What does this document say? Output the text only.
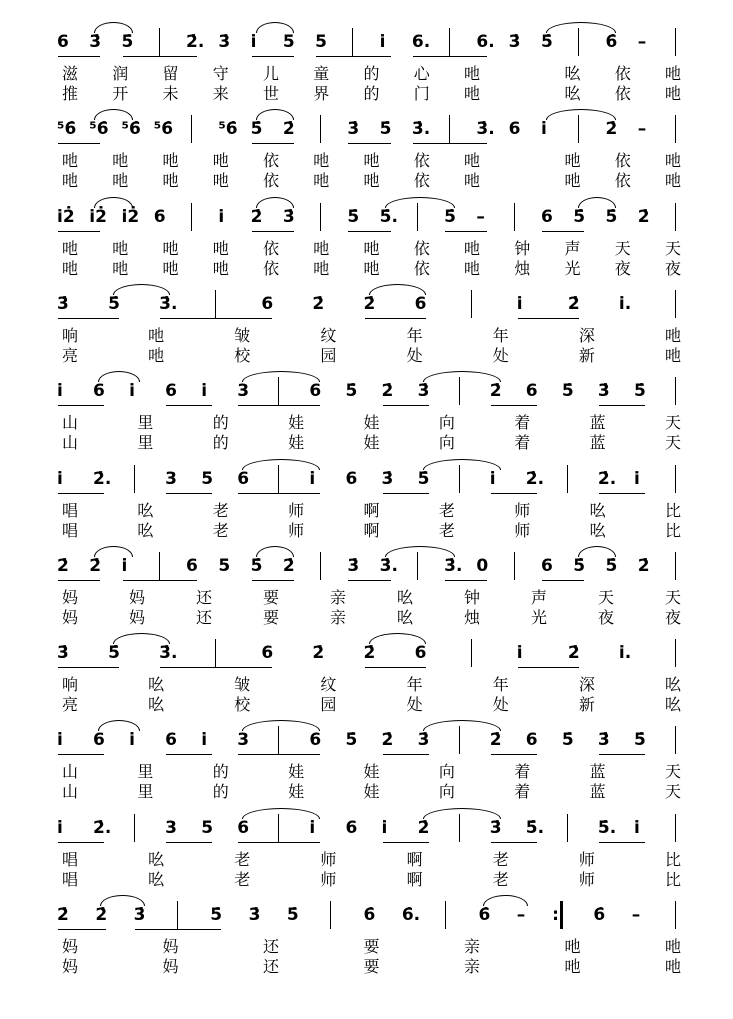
6 3̇ 5̇	2̇. 3̇ i̇ 5 5	i̇ 6.	6. 3̇ 5̇	6̇ –
滋 润 留 守 儿 童 的 心 吔	吆 依 吔
推 开 未 来 世 界 的 门 吔	吆 依 吔
⁵6̇ ⁵6̇ ⁵6̇ ⁵6̇	⁵6̇ 5̇ 2̇	3̇ 5̇ 3̇.	3̇. 6 i̇	2̇ –
吔 吔 吔 吔 依 吔 吔 依 吔	吔 依 吔
吔 吔 吔 吔 依 吔 吔 依 吔	吔 依 吔
i̇2̇ i̇2̇ i̇2̇ 6	i̇ 2̇ 3̇	5̇ 5̇.	5̇ –	6 5̇ 5̇ 2̇
吔 吔 吔 吔 依 吔 吔 依 吔 钟 声 天 天
吔 吔 吔 吔 依 吔 吔 依 吔 烛 光 夜 夜
3̇ 5̇ 3̇.	6 2̇ 2̇ 6	i̇	2̇ i̇.
响	吔	皱	纹	年	年	深	吔
亮	吔	校	园	处	处	新	吔
i̇ 6 i̇ 6 i̇ 3	6 5̇ 2̇ 3̇	2̇ 6 5̇ 3̇ 5̇
山	里	的	娃	娃	向	着	蓝	天
山	里	的	娃	娃	向	着	蓝	天
i̇ 2̇.	3 5 6	i̇ 6 3̇ 5̇	i̇ 2̇.	2̇. i̇
唱	吆	老	师	啊	老	师	吆	比
唱	吆	老	师	啊	老	师	吆	比
2̇ 2̇ i̇	6 5 5̇ 2̇	3̇ 3̇.	3̇. 0	6 5̇ 5̇ 2̇
妈	妈	还	要	亲	吆	钟	声	天	天
妈	妈	还	要	亲	吆	烛	光	夜	夜
3̇ 5̇ 3̇.	6 2̇ 2̇ 6	i̇	2̇ i̇.
响	吆	皱	纹	年	年	深	吆
亮	吆	校	园	处	处	新	吆
i̇ 6 i̇ 6 i̇ 3	6 5̇ 2̇ 3̇	2̇ 6 5̇ 3̇ 5̇
山	里	的	娃	娃	向	着	蓝	天
山	里	的	娃	娃	向	着	蓝	天
i̇ 2̇.	3 5 6	i̇ 6 i̇ 2̇	3̇ 5̇.	5̇. i̇
唱	吆	老	师	啊	老	师	比
唱	吆	老	师	啊	老	师	比
2̇ 2̇ 3̇	5̇ 3̇ 5̇	6̇ 6̇.	6̇ – : 6̇ –
妈	妈	还	要	亲	吔	吔
妈	妈	还	要	亲	吔	吔
